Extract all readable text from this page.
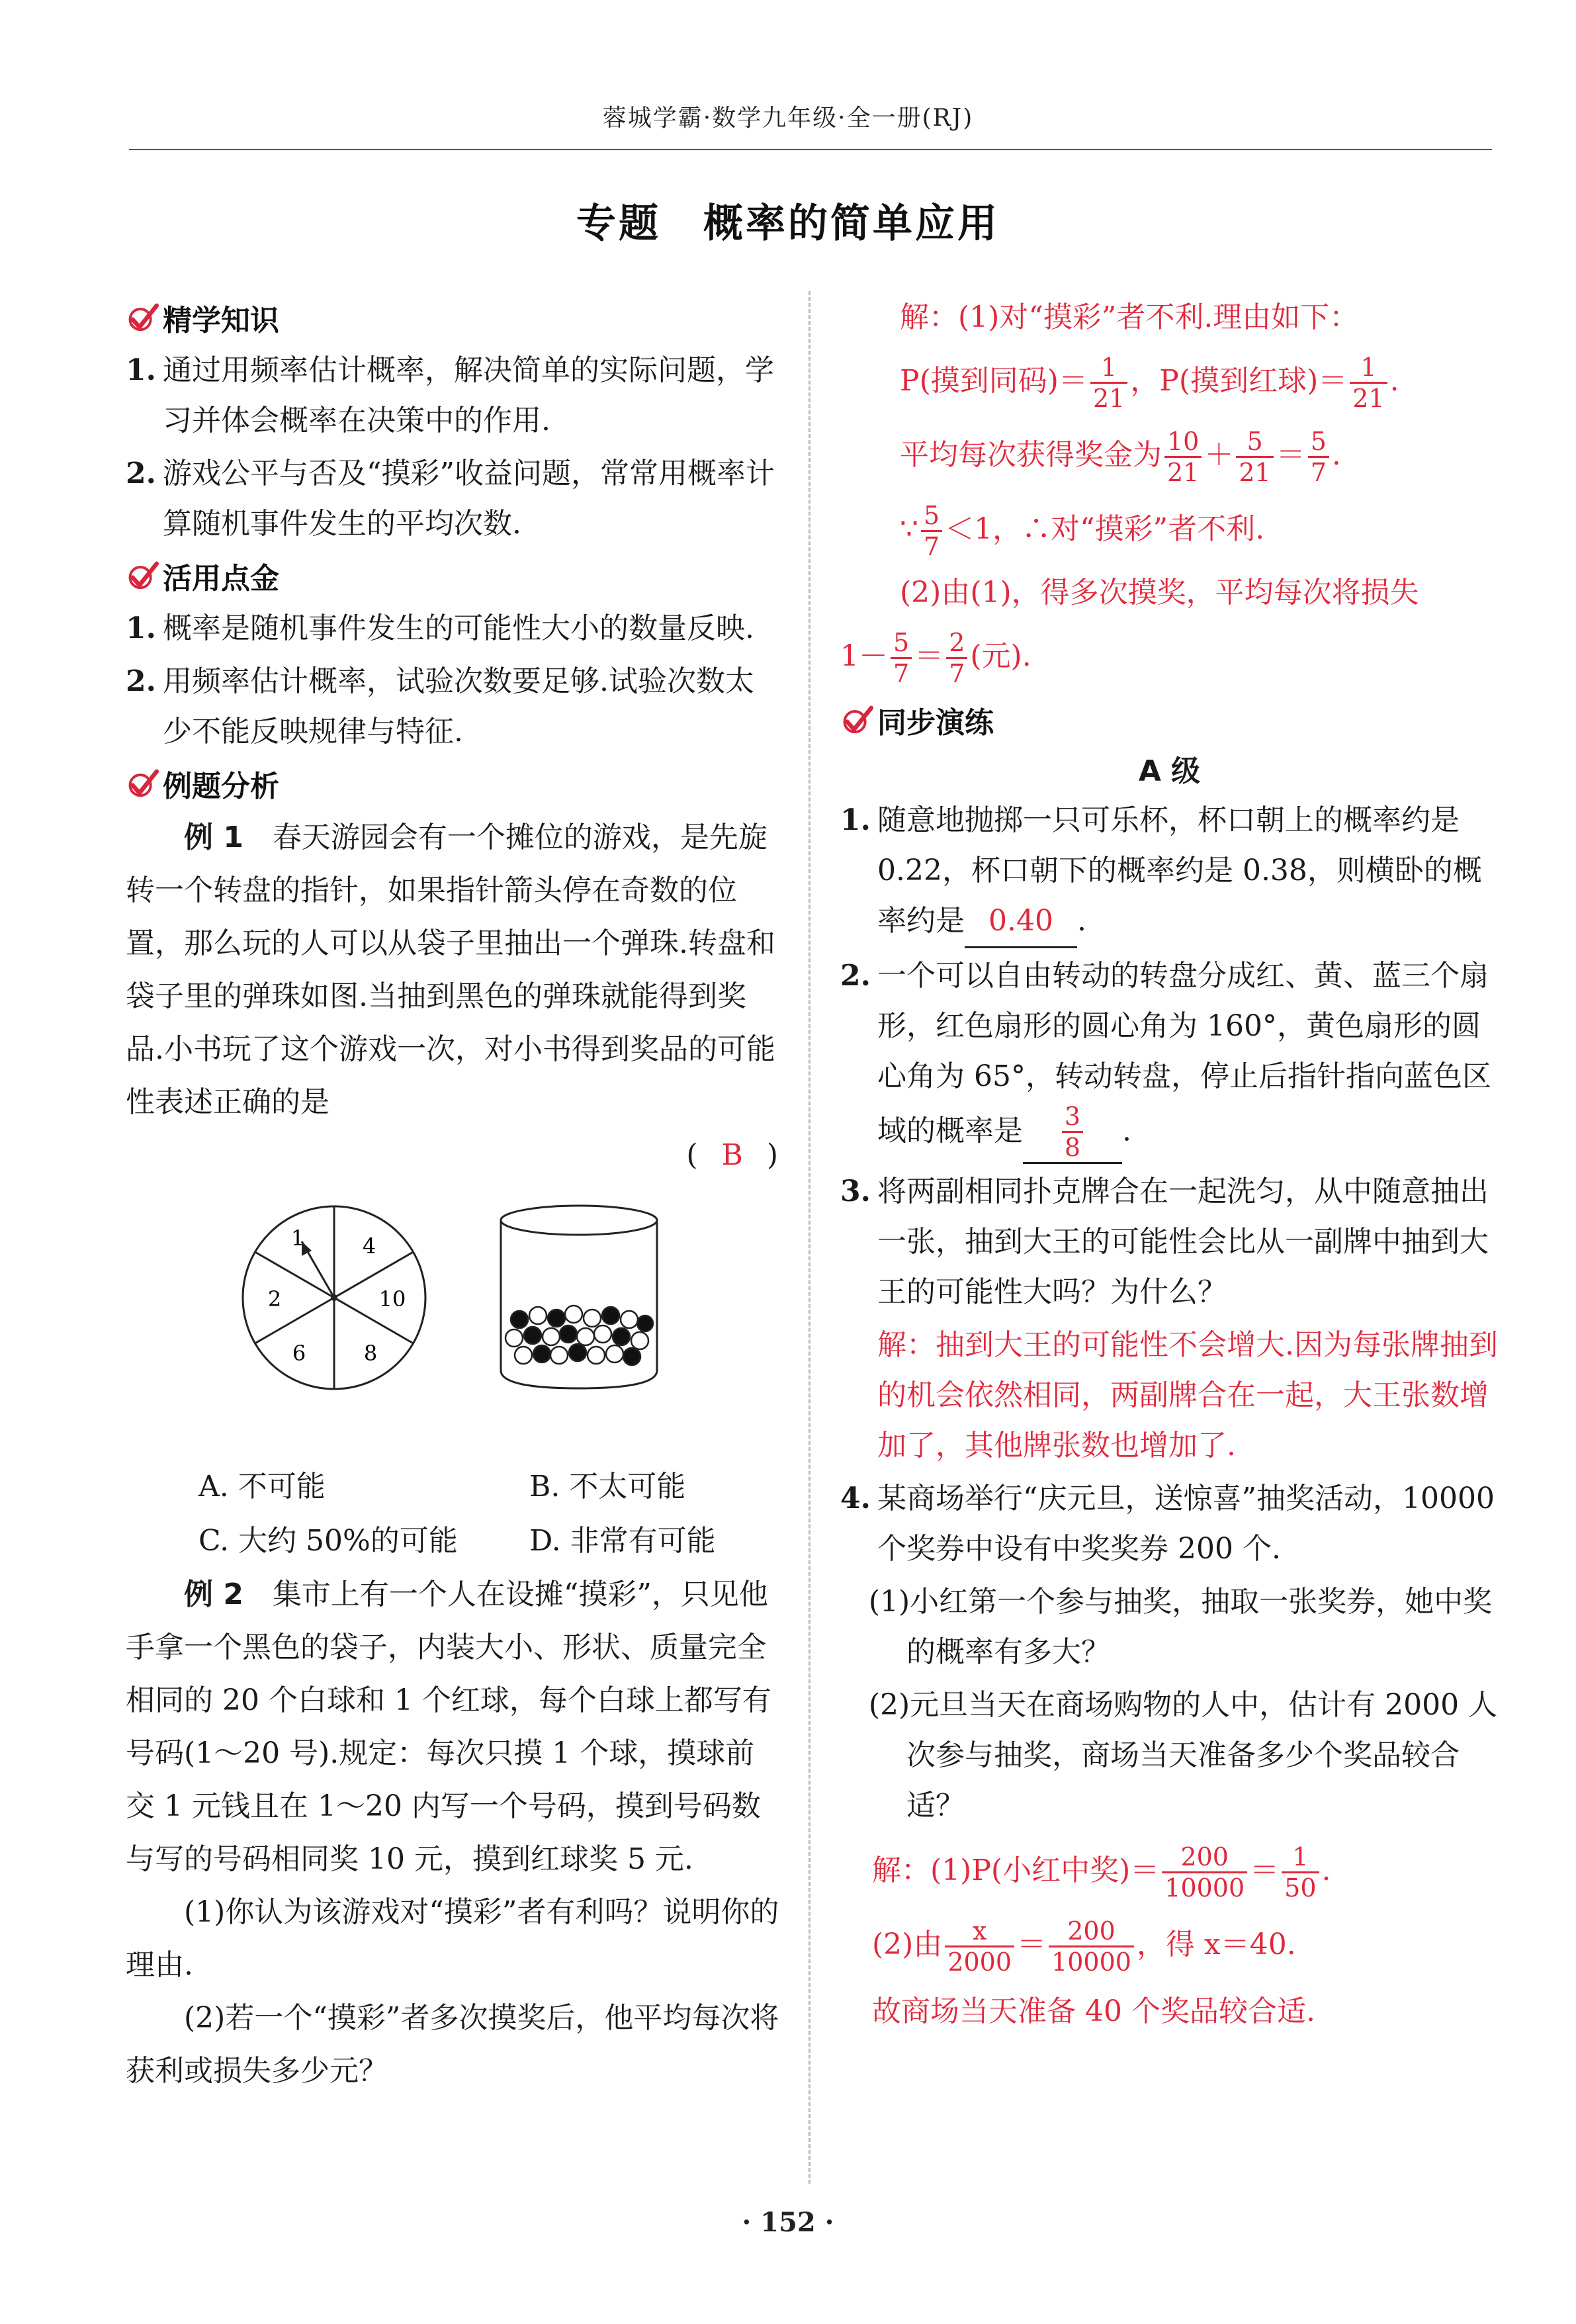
蓉城学霸·数学九年级·全一册(RJ)
专题　概率的简单应用
精学知识
1. 通过用频率估计概率，解决简单的实际问题，学习并体会概率在决策中的作用.
2. 游戏公平与否及“摸彩”收益问题，常常用概率计算随机事件发生的平均次数.
活用点金
1. 概率是随机事件发生的可能性大小的数量反映.
2. 用频率估计概率，试验次数要足够.试验次数太少不能反映规律与特征.
例题分析
例 1　 春天游园会有一个摊位的游戏，是先旋转一个转盘的指针，如果指针箭头停在奇数的位置，那么玩的人可以从袋子里抽出一个弹珠.转盘和袋子里的弹珠如图.当抽到黑色的弹珠就能得到奖品.小书玩了这个游戏一次，对小书得到奖品的可能性表述正确的是
( B )
1	4
2	10
6	8
A. 不可能	B. 不太可能
C. 大约 50%的可能	D. 非常有可能
例 2　 集市上有一个人在设摊“摸彩”，只见他手拿一个黑色的袋子，内装大小、形状、质量完全相同的 20 个白球和 1 个红球，每个白球上都写有号码(1～20 号).规定：每次只摸 1 个球，摸球前交 1 元钱且在 1～20 内写一个号码，摸到号码数与写的号码相同奖 10 元，摸到红球奖 5 元.
(1)你认为该游戏对“摸彩”者有利吗？说明你的理由.
(2)若一个“摸彩”者多次摸奖后，他平均每次将获利或损失多少元？
解：(1)对“摸彩”者不利.理由如下：
P(摸到同码)＝ $\frac{1}{21}$ ，P(摸到红球)＝ $\frac{1}{21}$ .
平均每次获得奖金为 $\frac{10}{21} + \frac{5}{21} = \frac{5}{7}$ .
∵ $\frac{5}{7} <1$，∴对“摸彩”者不利.
(2)由(1)，得多次摸奖，平均每次将损失
$1- \frac{5}{7} = \frac{2}{7}$ (元).
同步演练
A 级
1. 随意地抛掷一只可乐杯，杯口朝上的概率约是 0.22，杯口朝下的概率约是 0.38，则横卧的概率约是 0.40 .
2. 一个可以自由转动的转盘分成红、黄、蓝三个扇形，红色扇形的圆心角为 160°，黄色扇形的圆心角为 65°，转动转盘，停止后指针指向蓝色区域的概率是 $\frac{3}{8}$ .
3. 将两副相同扑克牌合在一起洗匀，从中随意抽出一张，抽到大王的可能性会比从一副牌中抽到大王的可能性大吗？为什么？
解：抽到大王的可能性不会增大.因为每张牌抽到的机会依然相同，两副牌合在一起，大王张数增加了，其他牌张数也增加了.
4. 某商场举行“庆元旦，送惊喜”抽奖活动，10000 个奖券中设有中奖奖券 200 个.
(1)小红第一个参与抽奖，抽取一张奖券，她中奖的概率有多大？
(2)元旦当天在商场购物的人中，估计有 2000 人次参与抽奖，商场当天准备多少个奖品较合适？
解：(1)P(小红中奖)＝ $\frac{200}{10000} = \frac{1}{50}$ .
(2)由 $\frac{x}{2000} = \frac{200}{10000}$ ，得 x＝40.
故商场当天准备 40 个奖品较合适.
· 152 ·
